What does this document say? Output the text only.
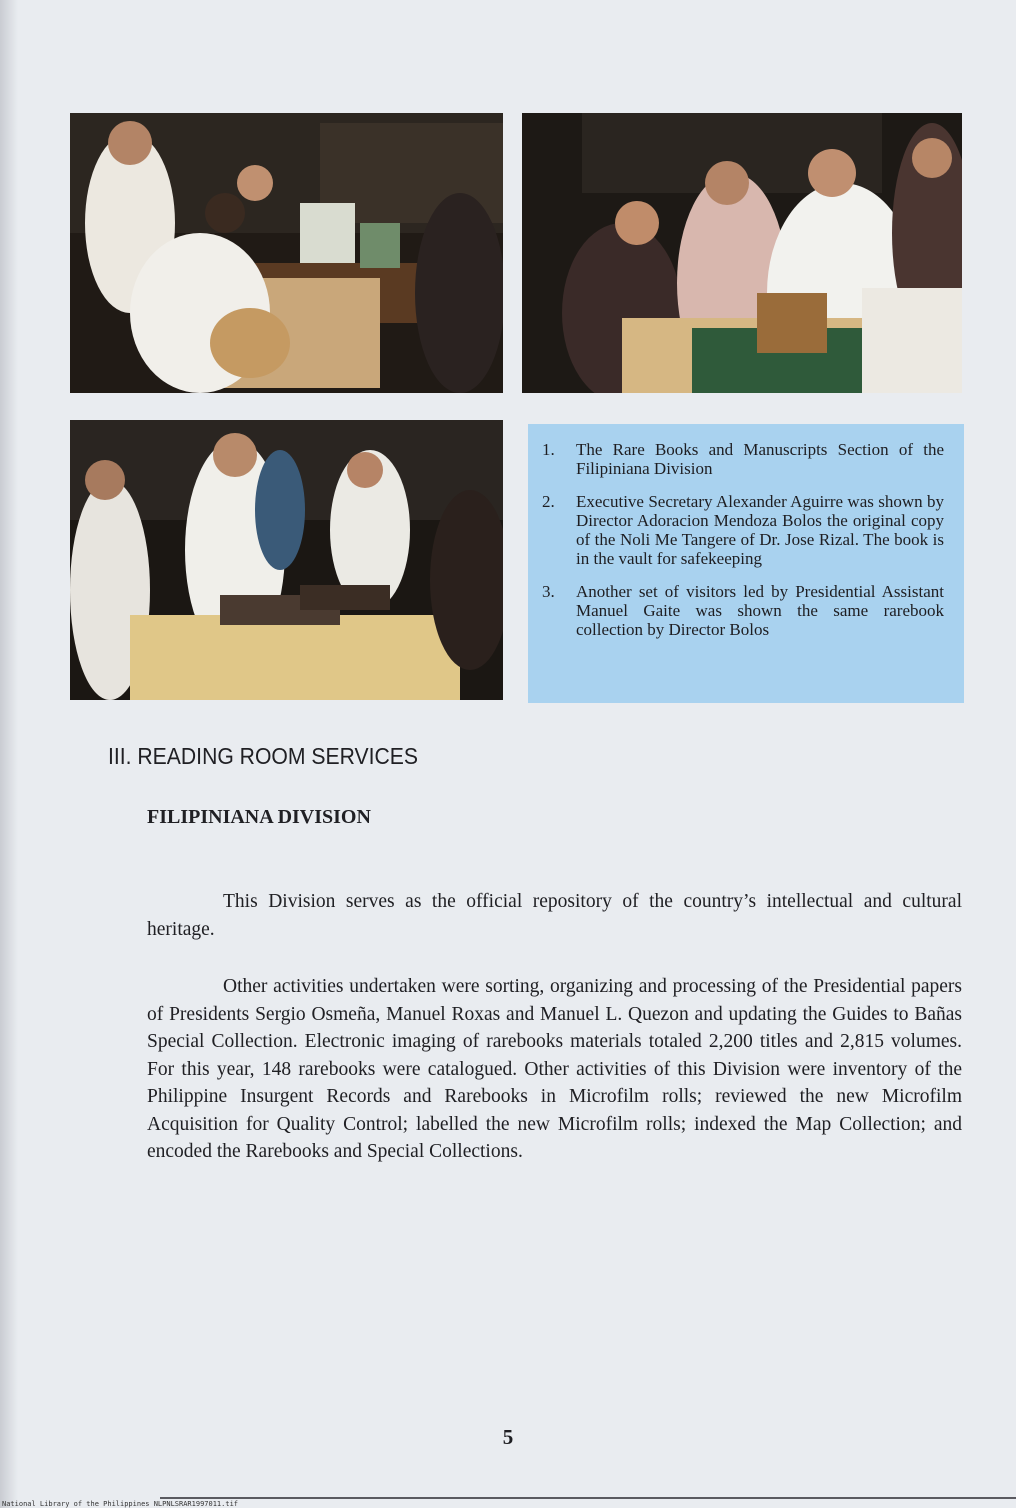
1.	The Rare Books and Manuscripts Section of the Filipiniana Division
2.	Executive Secretary Alexander Aguirre was shown by Director Adoracion Mendoza Bolos the original copy of the Noli Me Tangere of Dr. Jose Rizal. The book is in the vault for safekeeping
3.	Another set of visitors led by Presidential Assistant Manuel Gaite was shown the same rarebook collection by Director Bolos
III. READING ROOM SERVICES
FILIPINIANA DIVISION
This Division serves as the official repository of the country’s intellectual and cultural heritage.
Other activities undertaken were sorting, organizing and processing of the Presidential papers of Presidents Sergio Osmeña, Manuel Roxas and Manuel L. Quezon and updating the Guides to Bañas Special Collection. Electronic imaging of rarebooks materials totaled 2,200 titles and 2,815 volumes. For this year, 148 rarebooks were catalogued. Other activities of this Division were inventory of the Philippine Insurgent Records and Rarebooks in Microfilm rolls; reviewed the new Microfilm Acquisition for Quality Control; labelled the new Microfilm rolls; indexed the Map Collection; and encoded the Rarebooks and Special Collections.
5
National Library of the Philippines NLPNLSRAR1997011.tif
